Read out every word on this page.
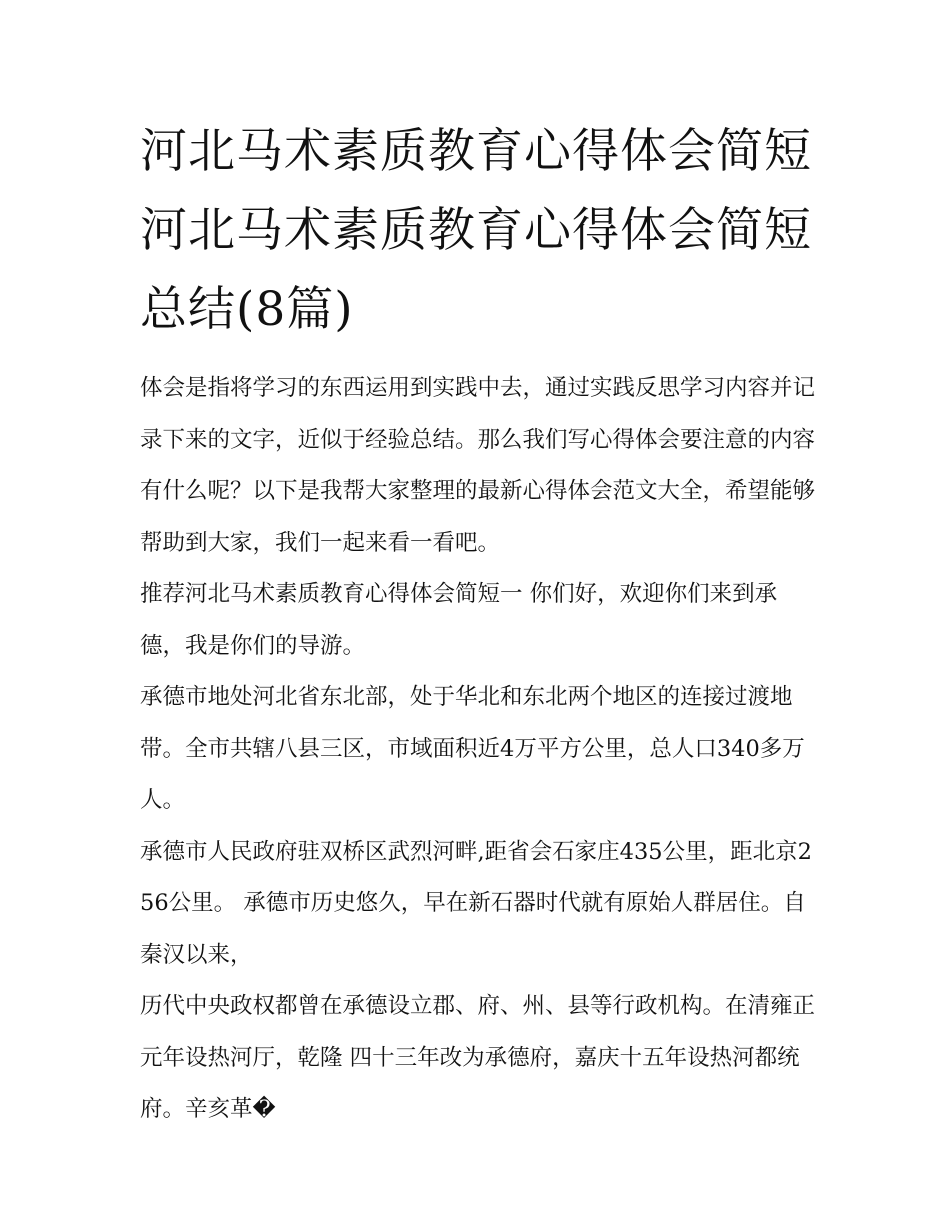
河北马术素质教育心得体会简短 河北马术素质教育心得体会简短总结(8篇)

体会是指将学习的东西运用到实践中去，通过实践反思学习内容并记录下来的文字，近似于经验总结。那么我们写心得体会要注意的内容有什么呢？以下是我帮大家整理的最新心得体会范文大全，希望能够帮助到大家，我们一起来看一看吧。

推荐河北马术素质教育心得体会简短一 你们好，欢迎你们来到承德，我是你们的导游。

承德市地处河北省东北部，处于华北和东北两个地区的连接过渡地带。全市共辖八县三区，市域面积近4万平方公里，总人口340多万人。

承德市人民政府驻双桥区武烈河畔,距省会石家庄435公里，距北京256公里。 承德市历史悠久，早在新石器时代就有原始人群居住。自秦汉以来，

历代中央政权都曾在承德设立郡、府、州、县等行政机构。在清雍正元年设热河厅，乾隆 四十三年改为承德府，嘉庆十五年设热河都统府。辛亥革�
